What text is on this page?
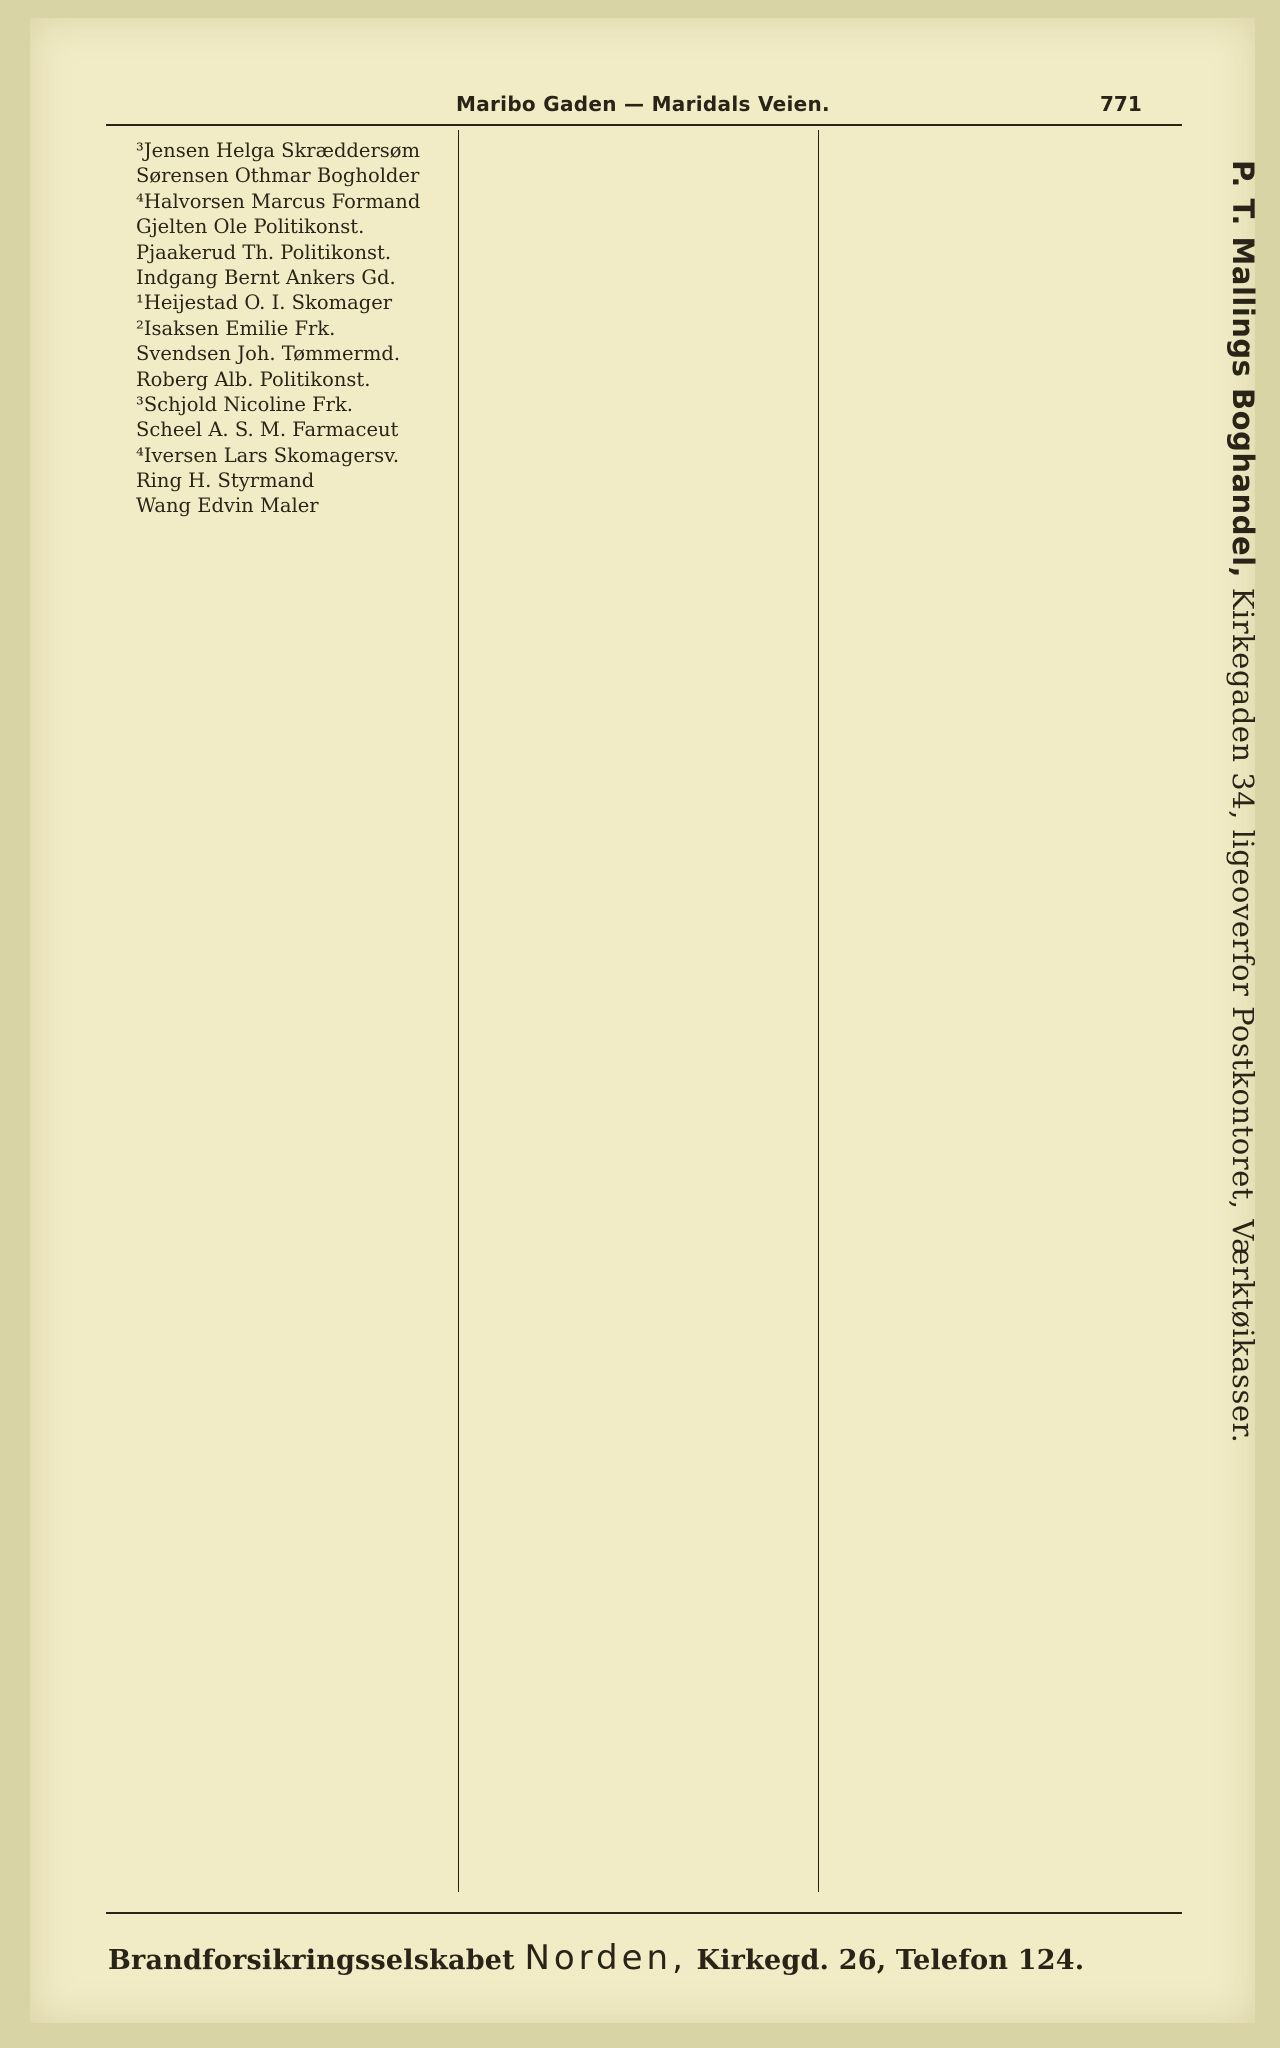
Maribo Gaden — Maridals Veien.	771
³Jensen Helga Skræddersøm
Sørensen Othmar Bogholder
⁴Halvorsen Marcus Formand
Gjelten Ole Politikonst.
Pjaakerud Th. Politikonst.
Indgang Bernt Ankers Gd.
¹Heijestad O. I. Skomager
²Isaksen Emilie Frk.
Svendsen Joh. Tømmermd.
Roberg Alb. Politikonst.
³Schjold Nicoline Frk.
Scheel A. S. M. Farmaceut
⁴Iversen Lars Skomagersv.
Ring H. Styrmand
Wang Edvin Maler	P. T. Mallings Boghandel, Kirkegaden 34, ligeoverfor Postkontoret, Værktøikasser.
Brandforsikringsselskabet Norden, Kirkegd. 26, Telefon 124.
